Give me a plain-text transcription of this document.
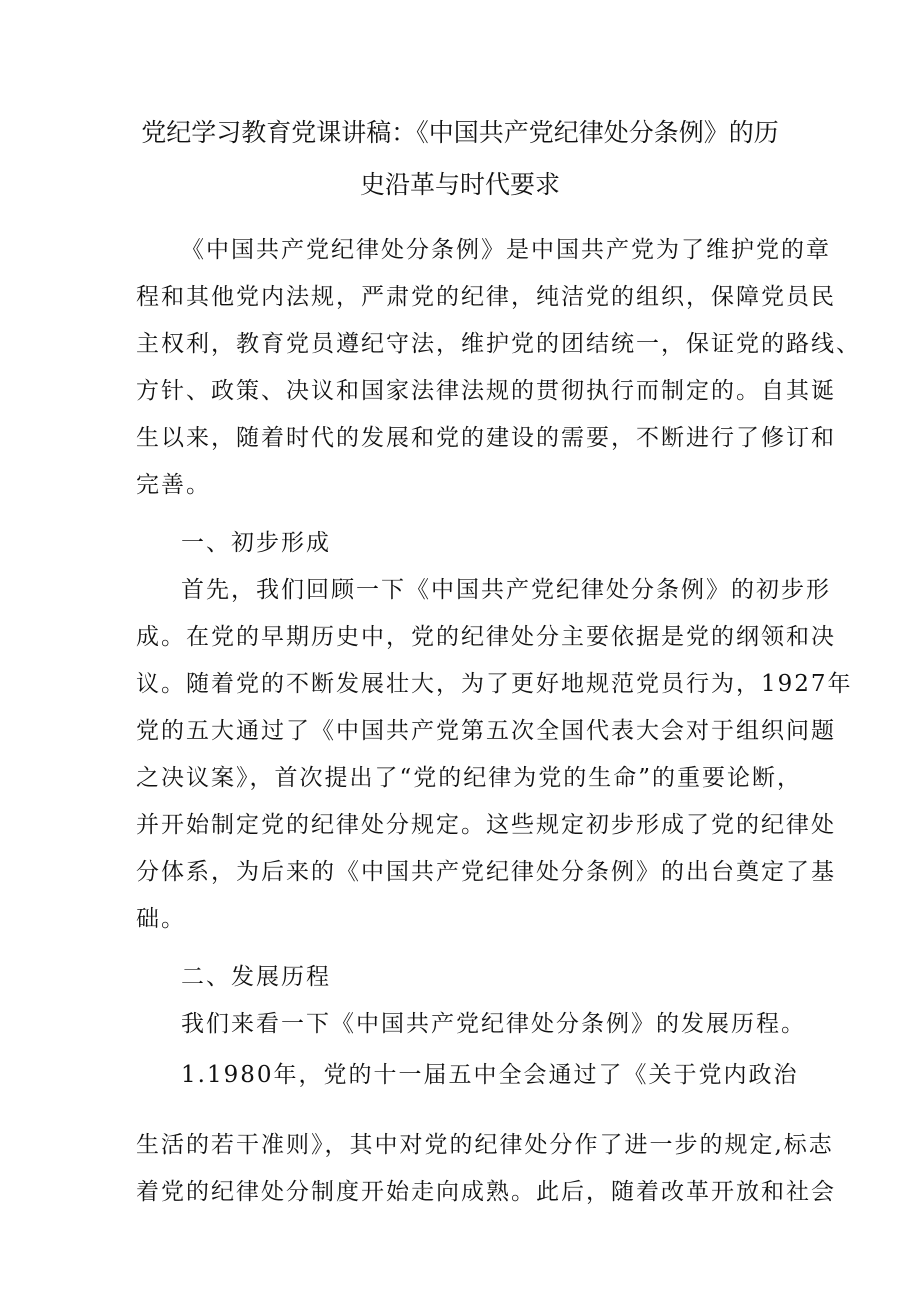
党纪学习教育党课讲稿：《中国共产党纪律处分条例》的历
史沿革与时代要求
《中国共产党纪律处分条例》是中国共产党为了维护党的章
程和其他党内法规，严肃党的纪律，纯洁党的组织，保障党员民
主权利，教育党员遵纪守法，维护党的团结统一，保证党的路线、
方针、政策、决议和国家法律法规的贯彻执行而制定的。自其诞
生以来，随着时代的发展和党的建设的需要，不断进行了修订和
完善。
一、初步形成
首先，我们回顾一下《中国共产党纪律处分条例》的初步形
成。在党的早期历史中，党的纪律处分主要依据是党的纲领和决
议。随着党的不断发展壮大，为了更好地规范党员行为，1927年
党的五大通过了《中国共产党第五次全国代表大会对于组织问题
之决议案》，首次提出了“党的纪律为党的生命”的重要论断，
并开始制定党的纪律处分规定。这些规定初步形成了党的纪律处
分体系，为后来的《中国共产党纪律处分条例》的出台奠定了基
础。
二、发展历程
我们来看一下《中国共产党纪律处分条例》的发展历程。
1.1980年，党的十一届五中全会通过了《关于党内政治
生活的若干准则》，其中对党的纪律处分作了进一步的规定,标志
着党的纪律处分制度开始走向成熟。此后，随着改革开放和社会
